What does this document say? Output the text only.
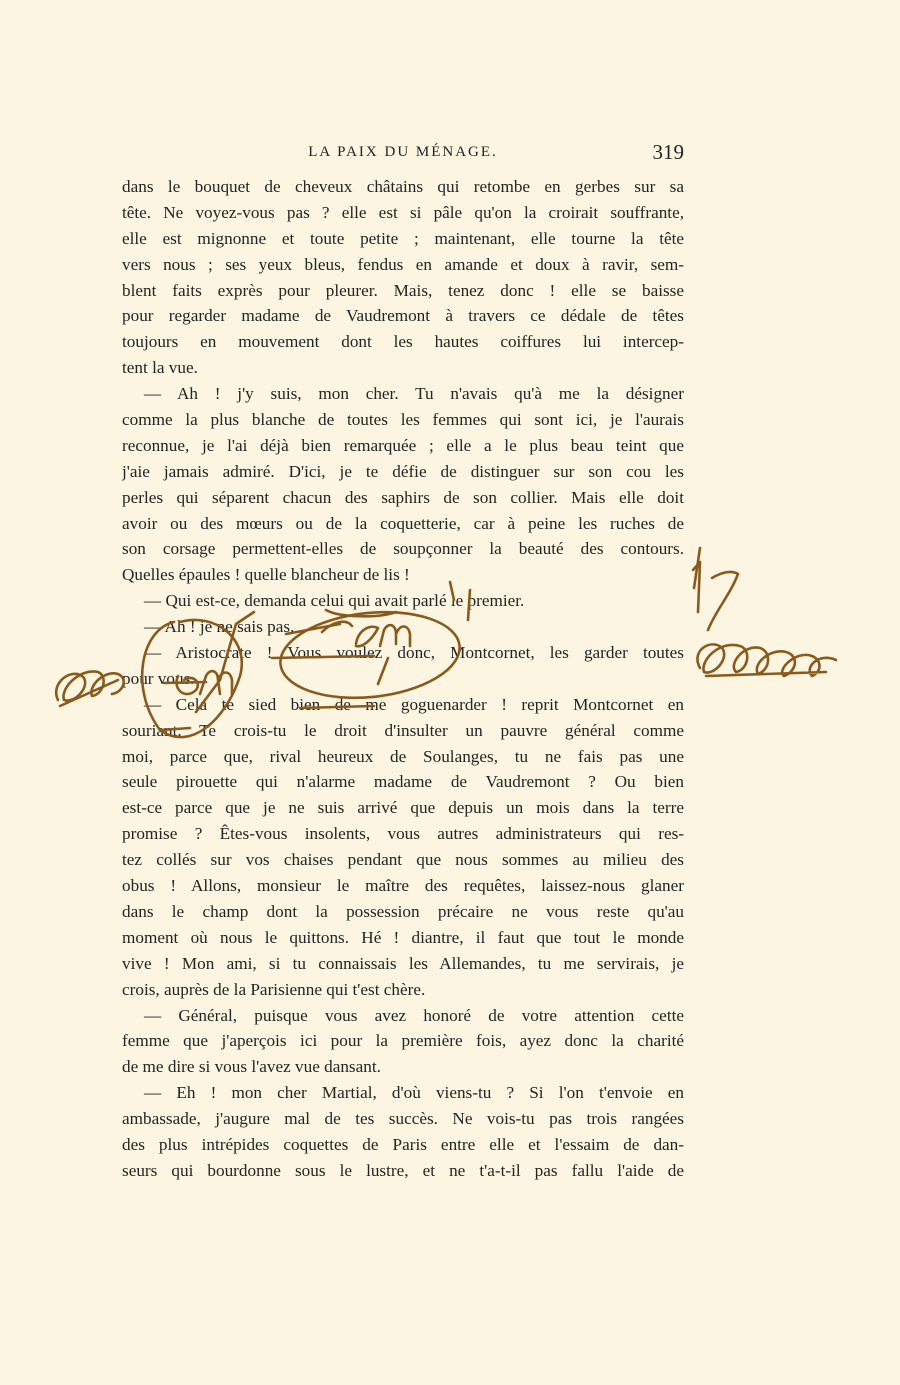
LA PAIX DU MÉNAGE.	319
dans le bouquet de cheveux châtains qui retombe en gerbes sur sa
tête. Ne voyez-vous pas ? elle est si pâle qu'on la croirait souffrante,
elle est mignonne et toute petite ; maintenant, elle tourne la tête
vers nous ; ses yeux bleus, fendus en amande et doux à ravir, sem-
blent faits exprès pour pleurer. Mais, tenez donc ! elle se baisse
pour regarder madame de Vaudremont à travers ce dédale de têtes
toujours en mouvement dont les hautes coiffures lui intercep-
tent la vue.
— Ah ! j'y suis, mon cher. Tu n'avais qu'à me la désigner
comme la plus blanche de toutes les femmes qui sont ici, je l'aurais
reconnue, je l'ai déjà bien remarquée ; elle a le plus beau teint que
j'aie jamais admiré. D'ici, je te défie de distinguer sur son cou les
perles qui séparent chacun des saphirs de son collier. Mais elle doit
avoir ou des mœurs ou de la coquetterie, car à peine les ruches de
son corsage permettent-elles de soupçonner la beauté des contours.
Quelles épaules ! quelle blancheur de lis !
— Qui est-ce, demanda celui qui avait parlé le premier.
— Ah ! je ne sais pas.
— Aristocrate ! Vous voulez donc, Montcornet, les garder toutes
pour vous.
— Cela te sied bien de me goguenarder ! reprit Montcornet en
souriant. Te crois-tu le droit d'insulter un pauvre général comme
moi, parce que, rival heureux de Soulanges, tu ne fais pas une
seule pirouette qui n'alarme madame de Vaudremont ? Ou bien
est-ce parce que je ne suis arrivé que depuis un mois dans la terre
promise ? Êtes-vous insolents, vous autres administrateurs qui res-
tez collés sur vos chaises pendant que nous sommes au milieu des
obus ! Allons, monsieur le maître des requêtes, laissez-nous glaner
dans le champ dont la possession précaire ne vous reste qu'au
moment où nous le quittons. Hé ! diantre, il faut que tout le monde
vive ! Mon ami, si tu connaissais les Allemandes, tu me servirais, je
crois, auprès de la Parisienne qui t'est chère.
— Général, puisque vous avez honoré de votre attention cette
femme que j'aperçois ici pour la première fois, ayez donc la charité
de me dire si vous l'avez vue dansant.
— Eh ! mon cher Martial, d'où viens-tu ? Si l'on t'envoie en
ambassade, j'augure mal de tes succès. Ne vois-tu pas trois rangées
des plus intrépides coquettes de Paris entre elle et l'essaim de dan-
seurs qui bourdonne sous le lustre, et ne t'a-t-il pas fallu l'aide de
